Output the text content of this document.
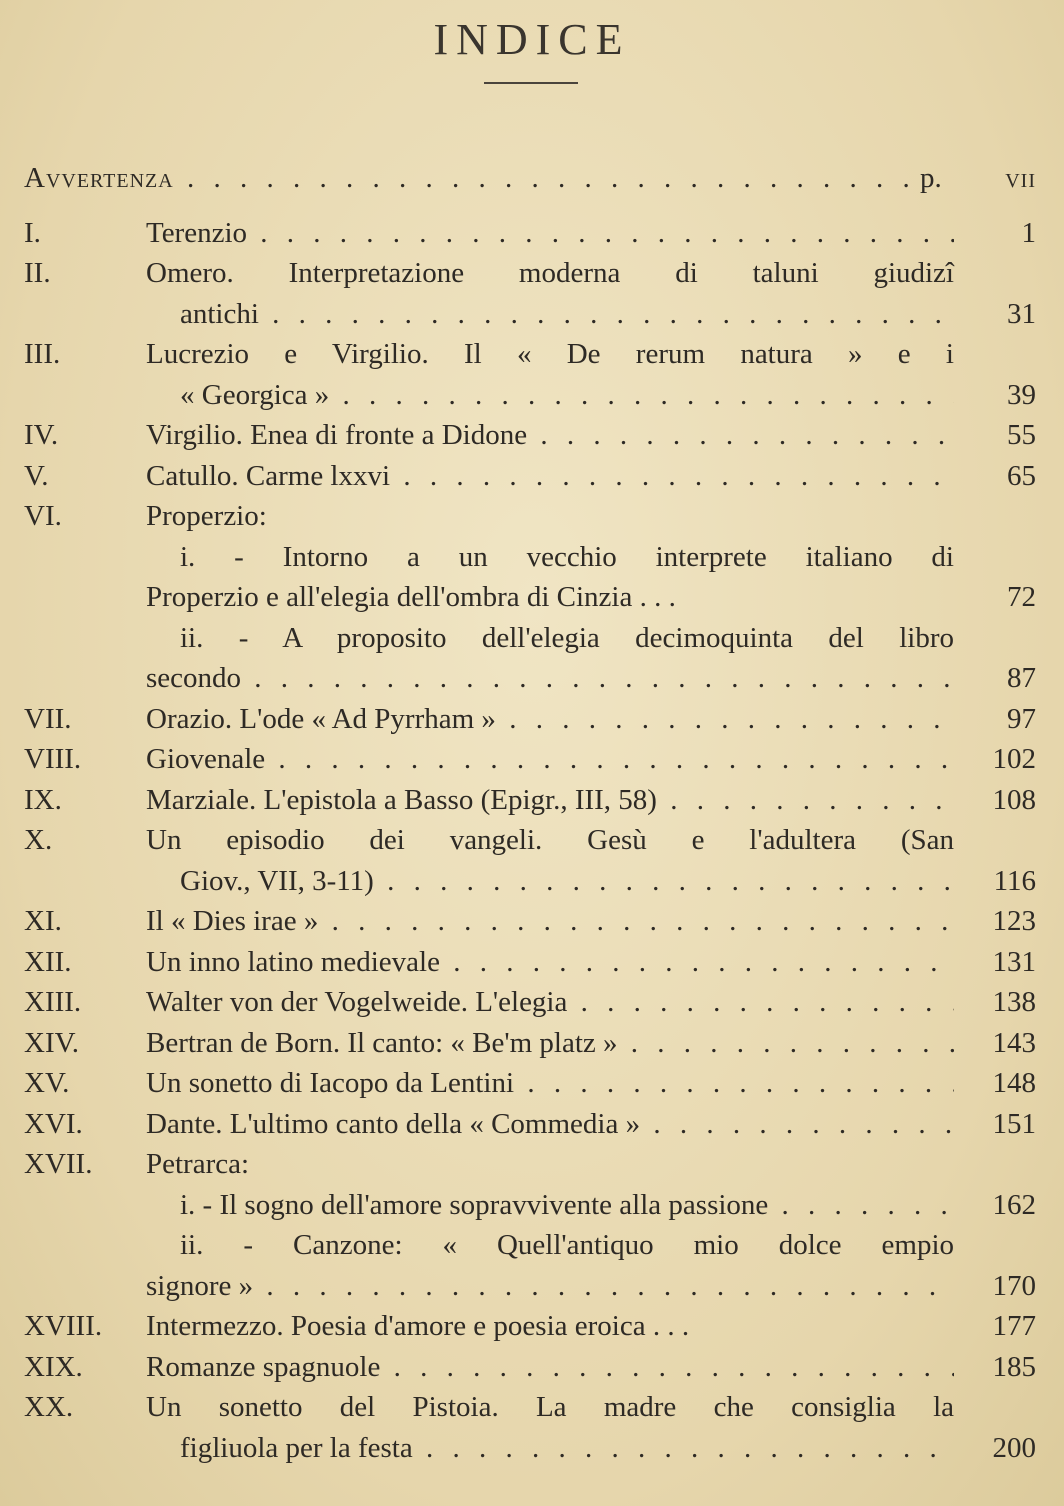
INDICE
Avvertenza . . .	p. vii
I.	Terenzio . . .	1
II.	Omero. Interpretazione moderna di taluni giudizî
antichi . . .	31
III.	Lucrezio e Virgilio. Il « De rerum natura » e i
« Georgica » . . .	39
IV.	Virgilio. Enea di fronte a Didone . . .	55
V.	Catullo. Carme lxxvi . . .	65
VI.	Properzio:
i. - Intorno a un vecchio interprete italiano di
Properzio e all'elegia dell'ombra di Cinzia . . .	72
ii. - A proposito dell'elegia decimoquinta del libro
secondo . . .	87
VII.	Orazio. L'ode « Ad Pyrrham » . . .	97
VIII. Giovenale . . .	102
IX.	Marziale. L'epistola a Basso (Epigr., III, 58) . . .	108
X.	Un episodio dei vangeli. Gesù e l'adultera (San
Giov., VII, 3-11) . . .	116
XI.	Il « Dies irae » . . .	123
XII.	Un inno latino medievale . . .	131
XIII. Walter von der Vogelweide. L'elegia . . .	138
XIV. Bertran de Born. Il canto: « Be'm platz » . . .	143
XV.	Un sonetto di Iacopo da Lentini . . .	148
XVI. Dante. L'ultimo canto della « Commedia » . . .	151
XVII. Petrarca:
i. - Il sogno dell'amore sopravvivente alla passione . . .	162
ii. - Canzone: « Quell'antiquo mio dolce empio
signore » . . .	170
XVIII. Intermezzo. Poesia d'amore e poesia eroica . . .	177
XIX. Romanze spagnuole . . .	185
XX.	Un sonetto del Pistoia. La madre che consiglia la
figliuola per la festa . . .	200
